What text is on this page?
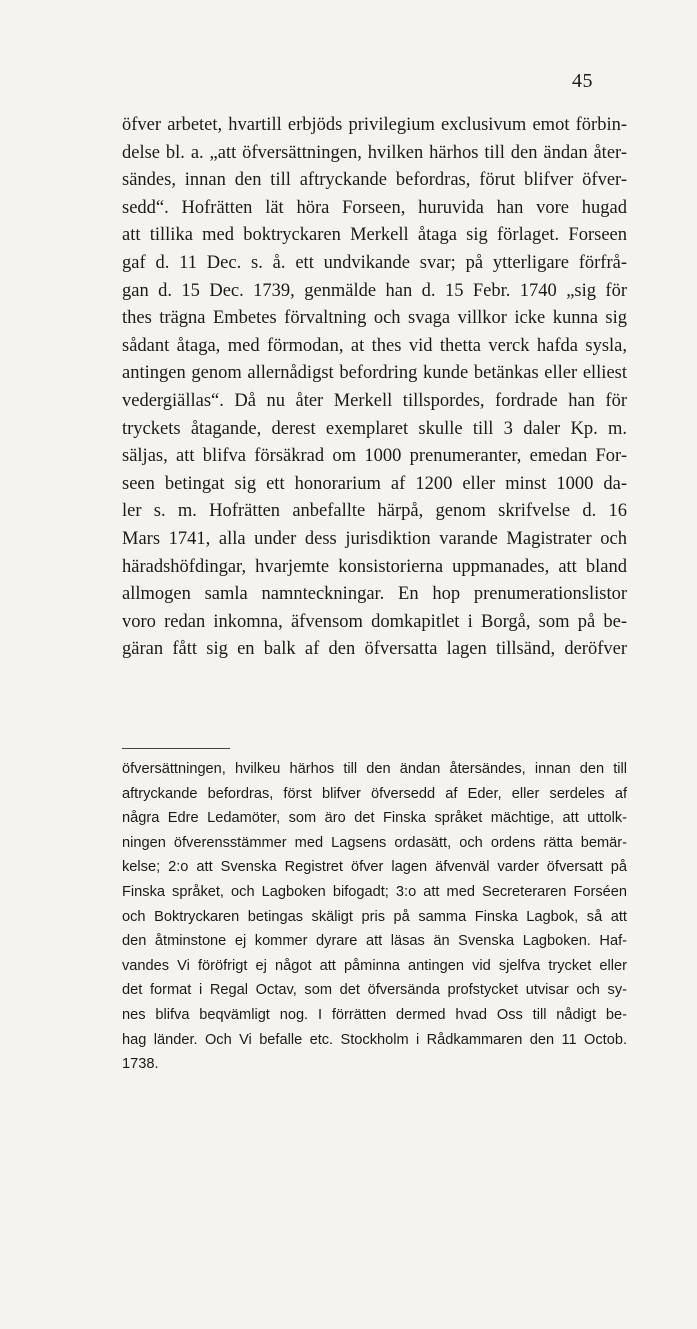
45
öfver arbetet, hvartill erbjöds privilegium exclusivum emot förbin-
delse bl. a. „att öfversättningen, hvilken härhos till den ändan åter-
sändes, innan den till aftryckande befordras, förut blifver öfver-
sedd“. Hofrätten lät höra Forseen, huruvida han vore hugad
att tillika med boktryckaren Merkell åtaga sig förlaget. Forseen
gaf d. 11 Dec. s. å. ett undvikande svar; på ytterligare förfrå-
gan d. 15 Dec. 1739, genmälde han d. 15 Febr. 1740 „sig för
thes trägna Embetes förvaltning och svaga villkor icke kunna sig
sådant åtaga, med förmodan, at thes vid thetta verck hafda sysla,
antingen genom allernådigst befordring kunde betänkas eller elliest
vedergiällas“. Då nu åter Merkell tillspordes, fordrade han för
tryckets åtagande, derest exemplaret skulle till 3 daler Kp. m.
säljas, att blifva försäkrad om 1000 prenumeranter, emedan For-
seen betingat sig ett honorarium af 1200 eller minst 1000 da-
ler s. m. Hofrätten anbefallte härpå, genom skrifvelse d. 16
Mars 1741, alla under dess jurisdiktion varande Magistrater och
häradshöfdingar, hvarjemte konsistorierna uppmanades, att bland
allmogen samla namnteckningar. En hop prenumerationslistor
voro redan inkomna, äfvensom domkapitlet i Borgå, som på be-
gäran fått sig en balk af den öfversatta lagen tillsänd, deröfver
öfversättningen, hvilkeu härhos till den ändan återsändes, innan den till
aftryckande befordras, först blifver öfversedd af Eder, eller serdeles af
några Edre Ledamöter, som äro det Finska språket mächtige, att uttolk-
ningen öfverensstämmer med Lagsens ordasätt, och ordens rätta bemär-
kelse; 2:o att Svenska Registret öfver lagen äfvenväl varder öfversatt på
Finska språket, och Lagboken bifogadt; 3:o att med Secreteraren Forséen
och Boktryckaren betingas skäligt pris på samma Finska Lagbok, så att
den åtminstone ej kommer dyrare att läsas än Svenska Lagboken. Haf-
vandes Vi föröfrigt ej något att påminna antingen vid sjelfva trycket eller
det format i Regal Octav, som det öfversända profstycket utvisar och sy-
nes blifva beqvämligt nog. I förrätten dermed hvad Oss till nådigt be-
hag länder. Och Vi befalle etc. Stockholm i Rådkammaren den 11 Octob.
1738.
